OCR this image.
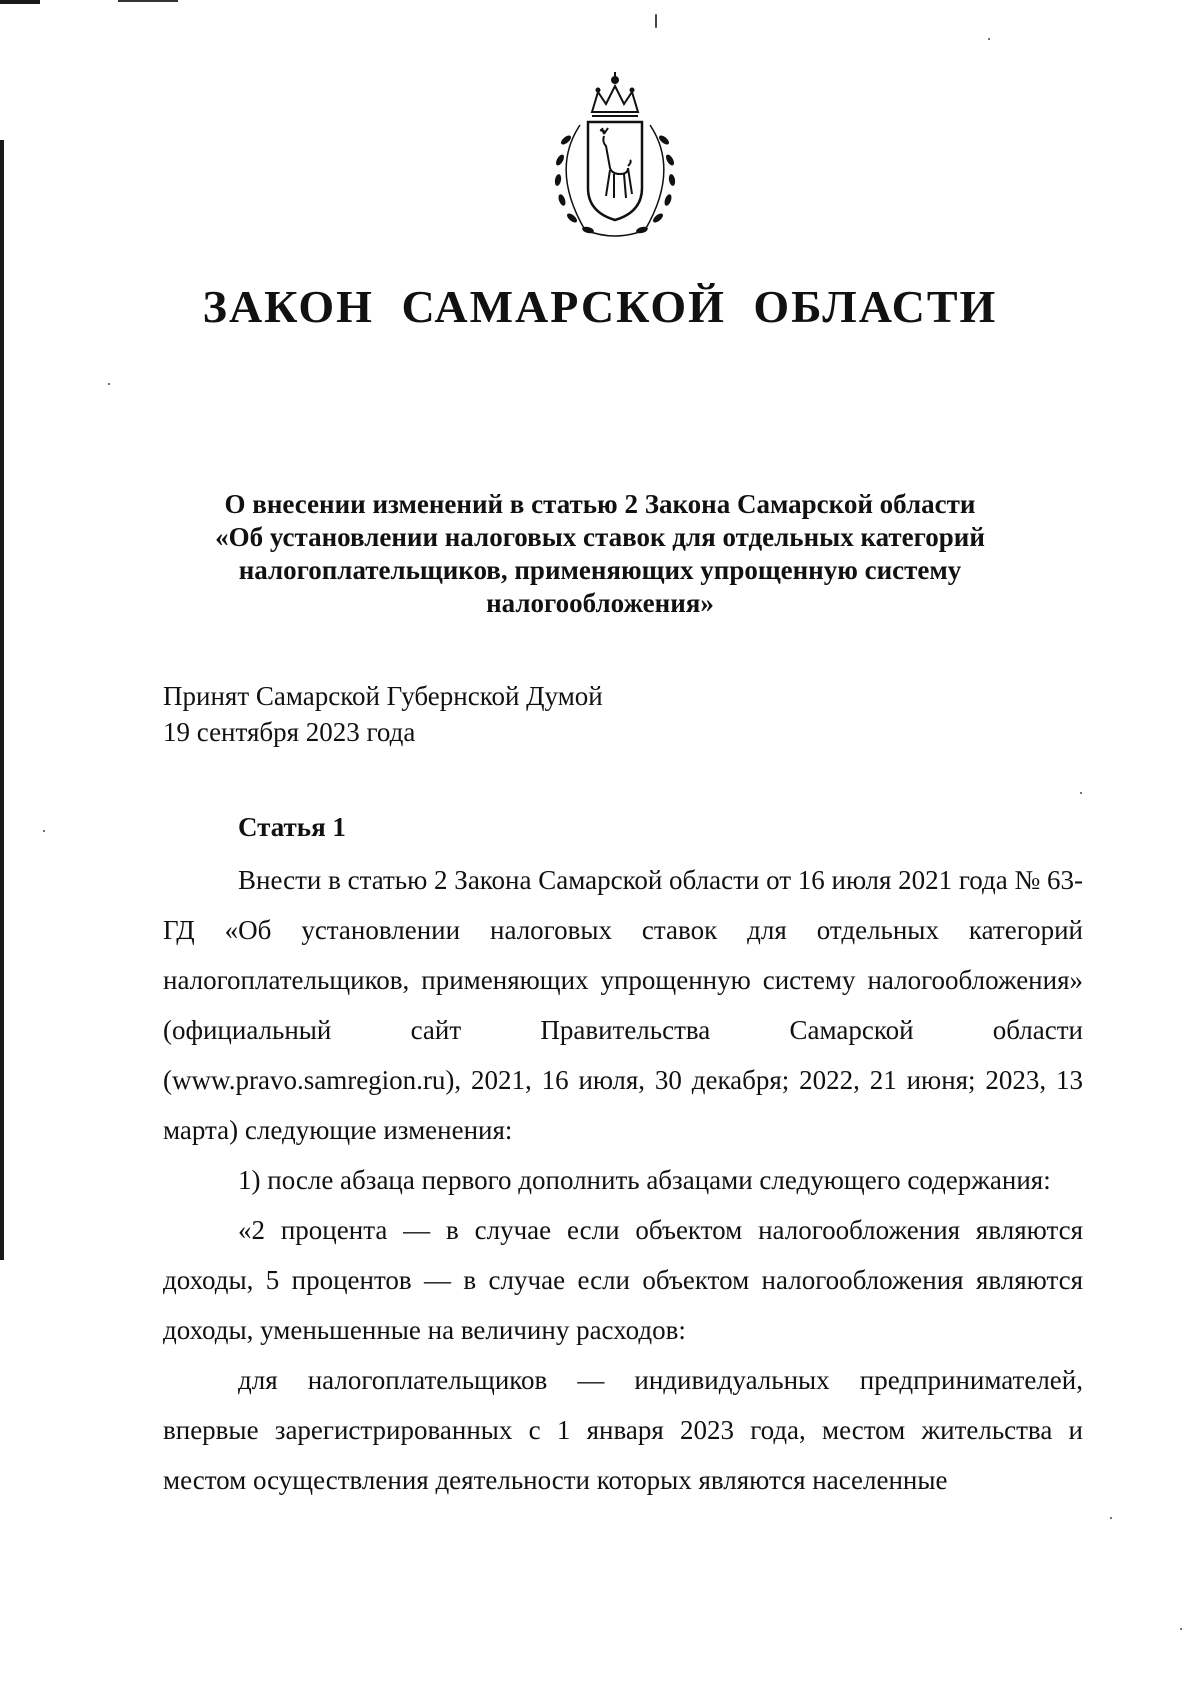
ЗАКОН САМАРСКОЙ ОБЛАСТИ
О внесении изменений в статью 2 Закона Самарской области
«Об установлении налоговых ставок для отдельных категорий
налогоплательщиков, применяющих упрощенную систему
налогообложения»
Принят Самарской Губернской Думой
19 сентября 2023 года
Статья 1

Внести в статью 2 Закона Самарской области от 16 июля 2021 года № 63-ГД «Об установлении налоговых ставок для отдельных категорий налогоплательщиков, применяющих упрощенную систему налогообложения» (официальный сайт Правительства Самарской области (www.pravo.samregion.ru), 2021, 16 июля, 30 декабря; 2022, 21 июня; 2023, 13 марта) следующие изменения:

1) после абзаца первого дополнить абзацами следующего содержания:

«2 процента — в случае если объектом налогообложения являются доходы, 5 процентов — в случае если объектом налогообложения являются доходы, уменьшенные на величину расходов:

для налогоплательщиков — индивидуальных предпринимателей, впервые зарегистрированных с 1 января 2023 года, местом жительства и местом осуществления деятельности которых являются населенные
